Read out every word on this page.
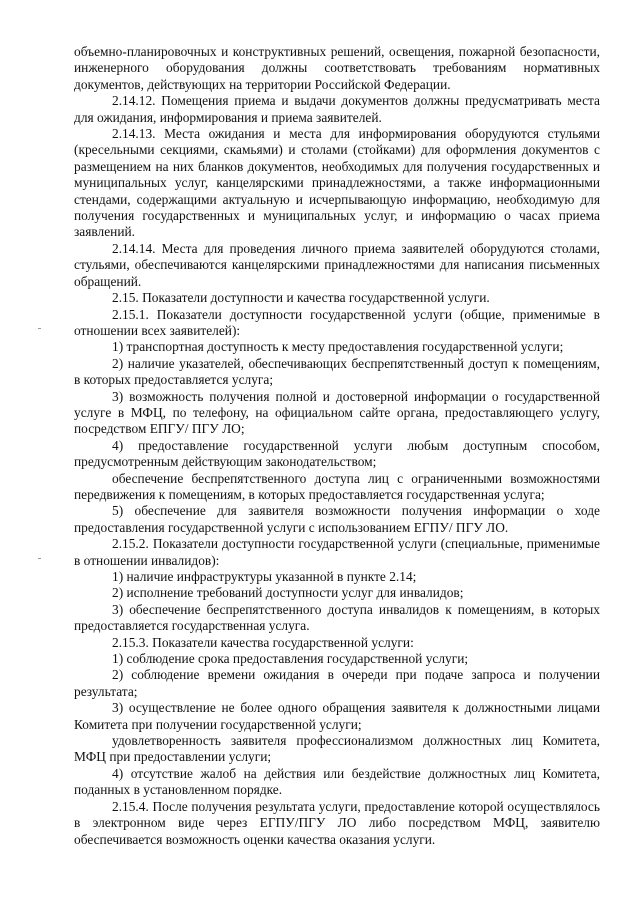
объемно-планировочных и конструктивных решений, освещения, пожарной безопасности, инженерного оборудования должны соответствовать требованиям нормативных документов, действующих на территории Российской Федерации.

2.14.12. Помещения приема и выдачи документов должны предусматривать места для ожидания, информирования и приема заявителей.

2.14.13. Места ожидания и места для информирования оборудуются стульями (кресельными секциями, скамьями) и столами (стойками) для оформления документов с размещением на них бланков документов, необходимых для получения государственных и муниципальных услуг, канцелярскими принадлежностями, а также информационными стендами, содержащими актуальную и исчерпывающую информацию, необходимую для получения государственных и муниципальных услуг, и информацию о часах приема заявлений.

2.14.14. Места для проведения личного приема заявителей оборудуются столами, стульями, обеспечиваются канцелярскими принадлежностями для написания письменных обращений.

2.15. Показатели доступности и качества государственной услуги.

2.15.1. Показатели доступности государственной услуги (общие, применимые в отношении всех заявителей):

1) транспортная доступность к месту предоставления государственной услуги;

2) наличие указателей, обеспечивающих беспрепятственный доступ к помещениям, в которых предоставляется услуга;

3) возможность получения полной и достоверной информации о государственной услуге в МФЦ, по телефону, на официальном сайте органа, предоставляющего услугу, посредством ЕПГУ/ ПГУ ЛО;

4) предоставление государственной услуги любым доступным способом, предусмотренным действующим законодательством;

обеспечение беспрепятственного доступа лиц с ограниченными возможностями передвижения к помещениям, в которых предоставляется государственная услуга;

5) обеспечение для заявителя возможности получения информации о ходе предоставления государственной услуги с использованием ЕГПУ/ ПГУ ЛО.

2.15.2. Показатели доступности государственной услуги (специальные, применимые в отношении инвалидов):

1) наличие инфраструктуры указанной в пункте 2.14;

2) исполнение требований доступности услуг для инвалидов;

3) обеспечение беспрепятственного доступа инвалидов к помещениям, в которых предоставляется государственная услуга.

2.15.3. Показатели качества государственной услуги:

1) соблюдение срока предоставления государственной услуги;

2) соблюдение времени ожидания в очереди при подаче запроса и получении результата;

3) осуществление не более одного обращения заявителя к должностными лицами Комитета при получении государственной услуги;

удовлетворенность заявителя профессионализмом должностных лиц Комитета, МФЦ при предоставлении услуги;

4) отсутствие жалоб на действия или бездействие должностных лиц Комитета, поданных в установленном порядке.

2.15.4. После получения результата услуги, предоставление которой осуществлялось в электронном виде через ЕГПУ/ПГУ ЛО либо посредством МФЦ, заявителю обеспечивается возможность оценки качества оказания услуги.
